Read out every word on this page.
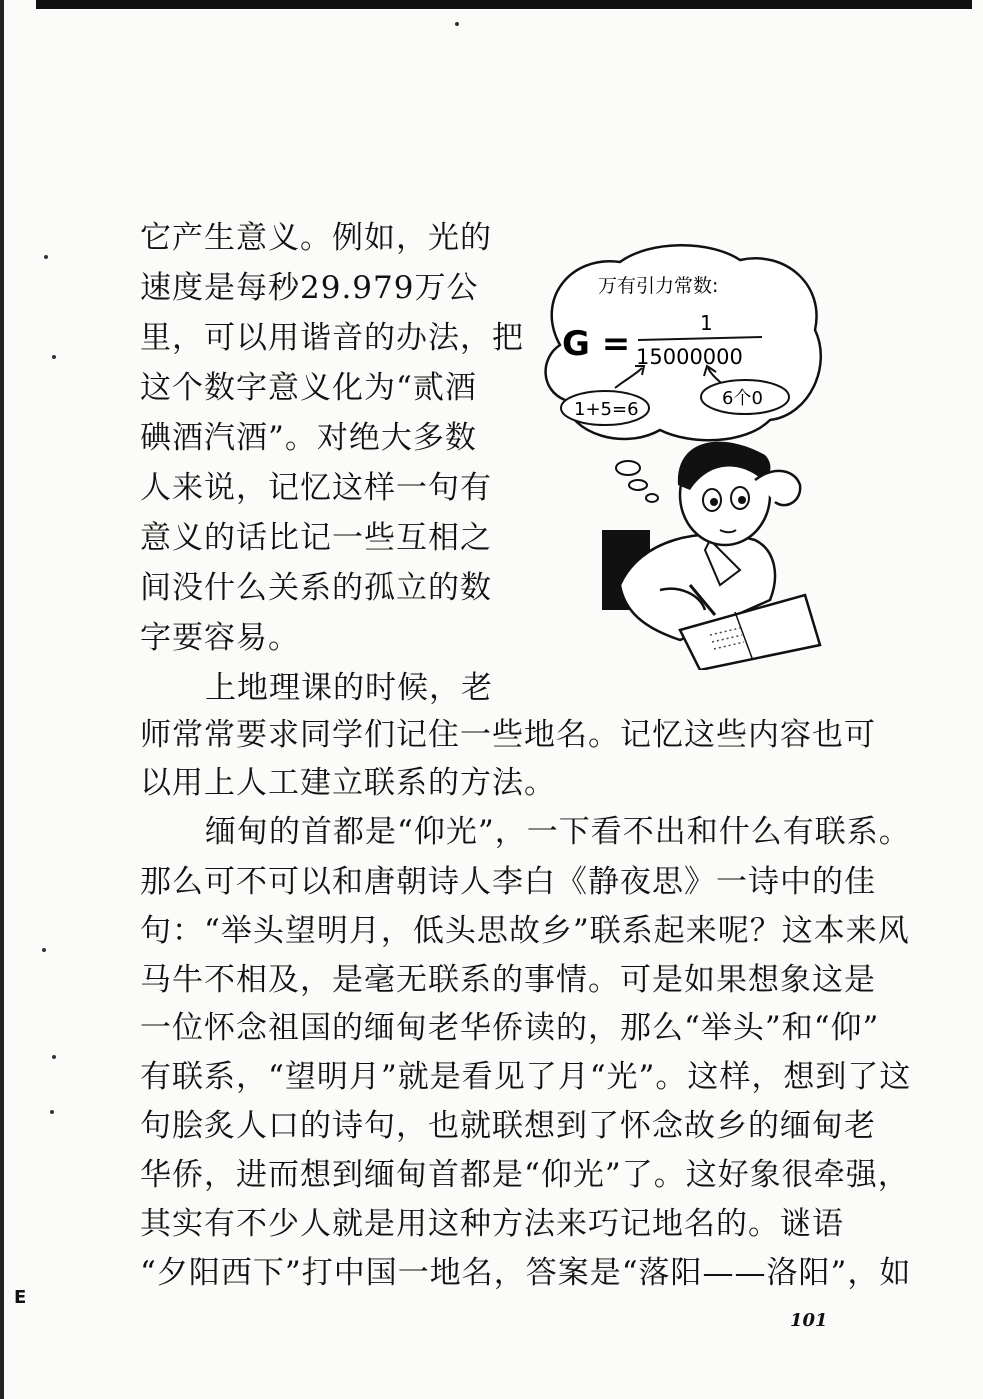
它产生意义。例如，光的
速度是每秒29.979万公
里，可以用谐音的办法，把
这个数字意义化为“贰酒
碘酒汽酒”。对绝大多数
人来说，记忆这样一句有
意义的话比记一些互相之
间没什么关系的孤立的数
字要容易。
上地理课的时候，老
师常常要求同学们记住一些地名。记忆这些内容也可
以用上人工建立联系的方法。
缅甸的首都是“仰光”，一下看不出和什么有联系。
那么可不可以和唐朝诗人李白《静夜思》一诗中的佳
句：“举头望明月，低头思故乡”联系起来呢？这本来风
马牛不相及，是毫无联系的事情。可是如果想象这是
一位怀念祖国的缅甸老华侨读的，那么“举头”和“仰”
有联系，“望明月”就是看见了月“光”。这样，想到了这
句脍炙人口的诗句，也就联想到了怀念故乡的缅甸老
华侨，进而想到缅甸首都是“仰光”了。这好象很牵强，
其实有不少人就是用这种方法来巧记地名的。谜语
“夕阳西下”打中国一地名，答案是“落阳——洛阳”，如
万有引力常数:
G =
1
15000000
1+5=6
6个0
E
101
